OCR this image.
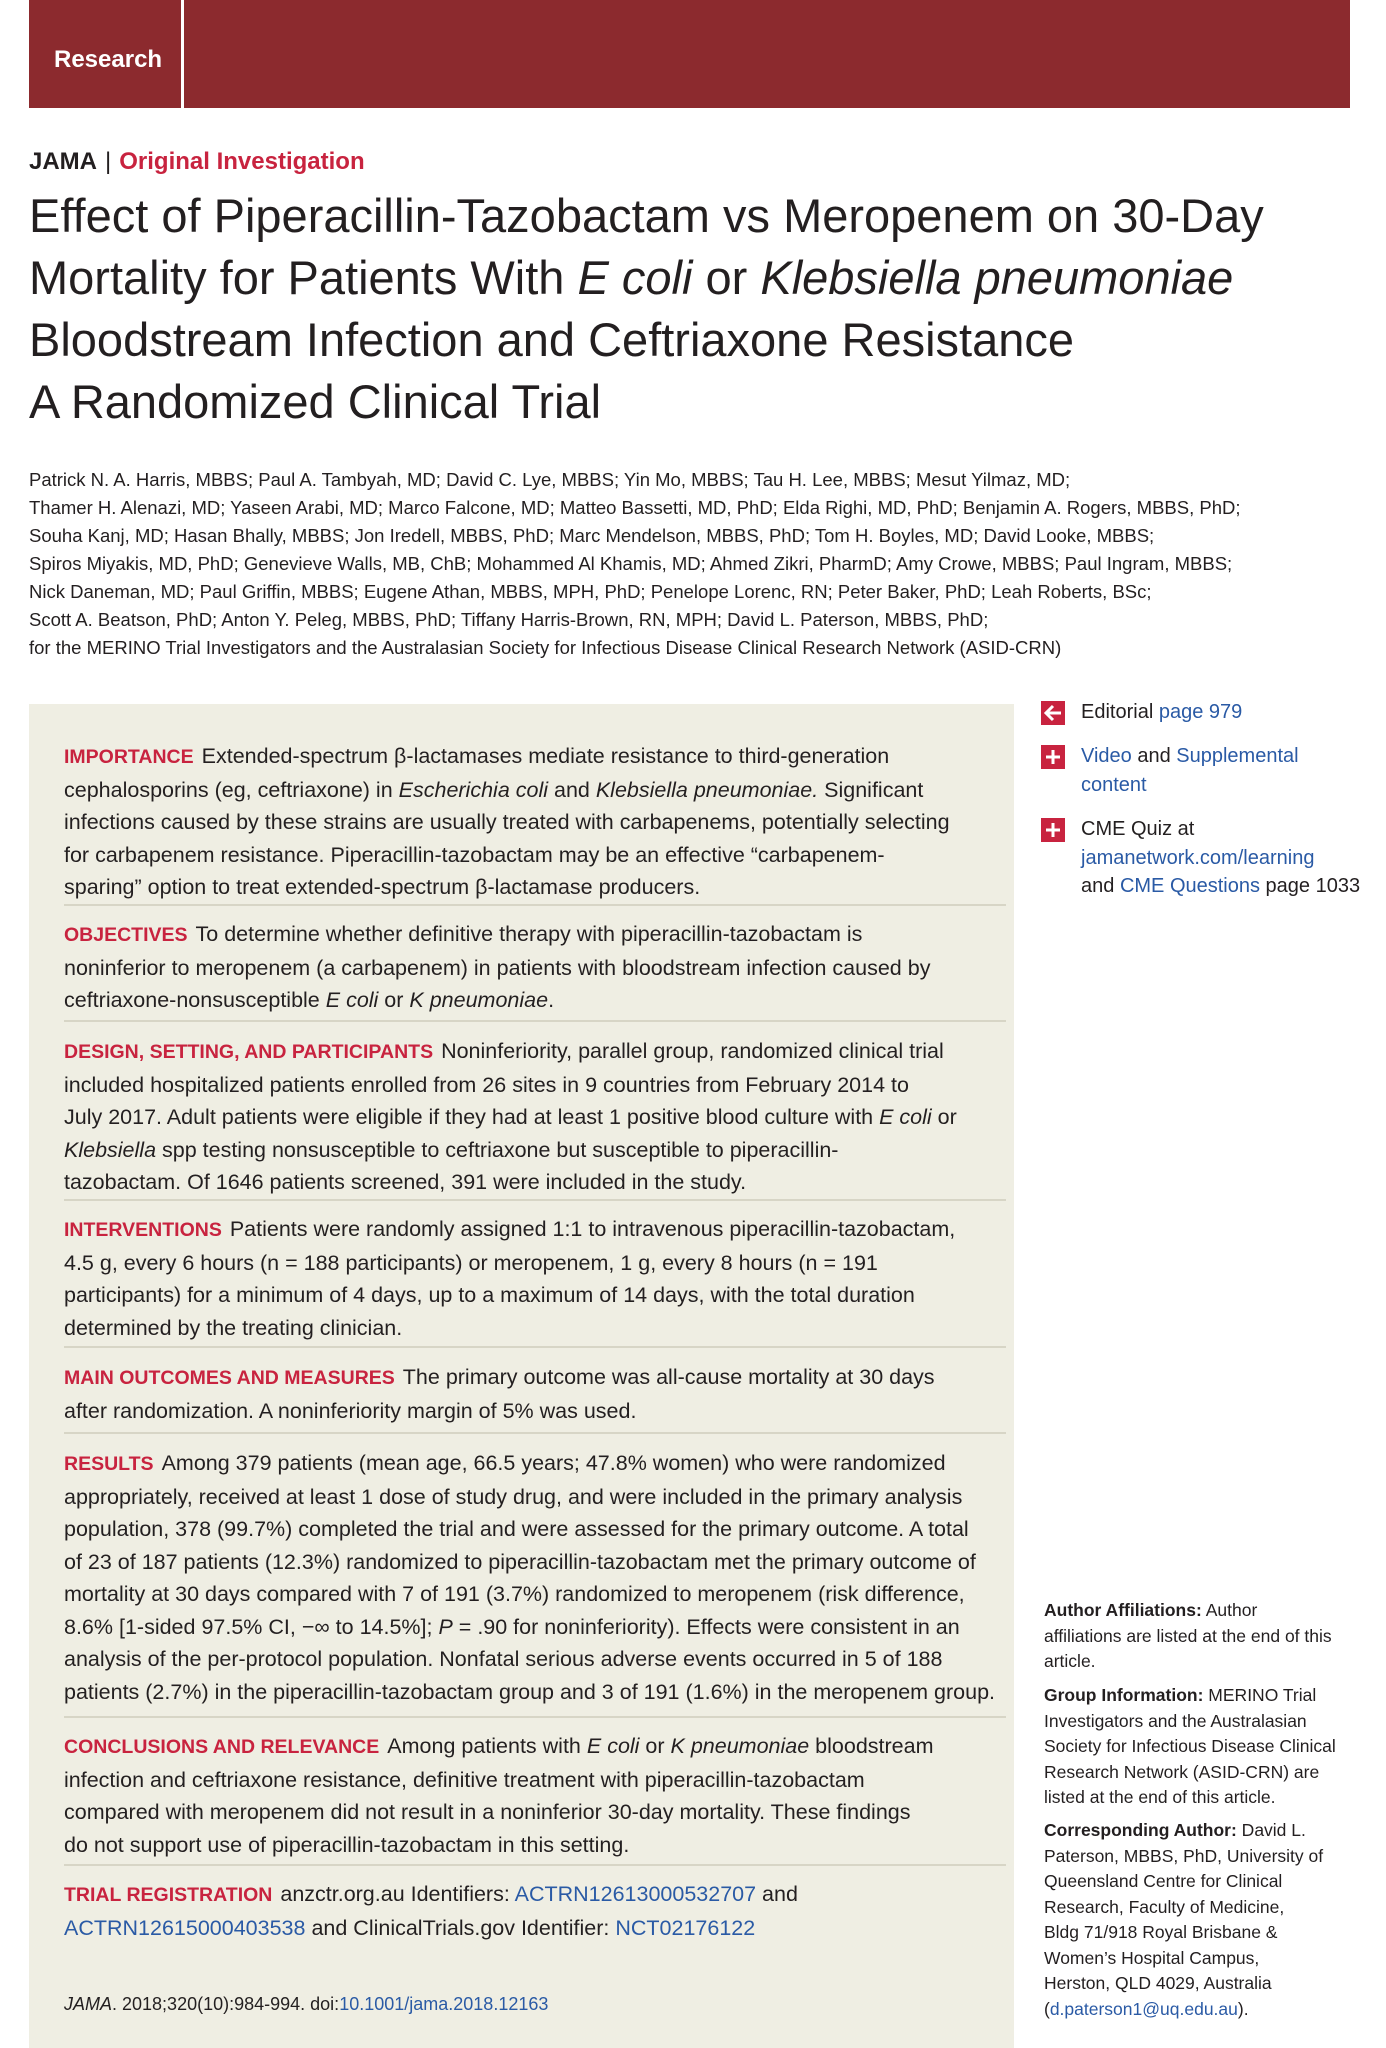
Research
JAMA | Original Investigation
Effect of Piperacillin-Tazobactam vs Meropenem on 30-Day
Mortality for Patients With E coli or Klebsiella pneumoniae
Bloodstream Infection and Ceftriaxone Resistance
A Randomized Clinical Trial
Patrick N. A. Harris, MBBS; Paul A. Tambyah, MD; David C. Lye, MBBS; Yin Mo, MBBS; Tau H. Lee, MBBS; Mesut Yilmaz, MD;
Thamer H. Alenazi, MD; Yaseen Arabi, MD; Marco Falcone, MD; Matteo Bassetti, MD, PhD; Elda Righi, MD, PhD; Benjamin A. Rogers, MBBS, PhD;
Souha Kanj, MD; Hasan Bhally, MBBS; Jon Iredell, MBBS, PhD; Marc Mendelson, MBBS, PhD; Tom H. Boyles, MD; David Looke, MBBS;
Spiros Miyakis, MD, PhD; Genevieve Walls, MB, ChB; Mohammed Al Khamis, MD; Ahmed Zikri, PharmD; Amy Crowe, MBBS; Paul Ingram, MBBS;
Nick Daneman, MD; Paul Griffin, MBBS; Eugene Athan, MBBS, MPH, PhD; Penelope Lorenc, RN; Peter Baker, PhD; Leah Roberts, BSc;
Scott A. Beatson, PhD; Anton Y. Peleg, MBBS, PhD; Tiffany Harris-Brown, RN, MPH; David L. Paterson, MBBS, PhD;
for the MERINO Trial Investigators and the Australasian Society for Infectious Disease Clinical Research Network (ASID-CRN)
IMPORTANCE Extended-spectrum β-lactamases mediate resistance to third-generation
cephalosporins (eg, ceftriaxone) in Escherichia coli and Klebsiella pneumoniae. Significant
infections caused by these strains are usually treated with carbapenems, potentially selecting
for carbapenem resistance. Piperacillin-tazobactam may be an effective “carbapenem-
sparing” option to treat extended-spectrum β-lactamase producers.
OBJECTIVES To determine whether definitive therapy with piperacillin-tazobactam is
noninferior to meropenem (a carbapenem) in patients with bloodstream infection caused by
ceftriaxone-nonsusceptible E coli or K pneumoniae.
DESIGN, SETTING, AND PARTICIPANTS Noninferiority, parallel group, randomized clinical trial
included hospitalized patients enrolled from 26 sites in 9 countries from February 2014 to
July 2017. Adult patients were eligible if they had at least 1 positive blood culture with E coli or
Klebsiella spp testing nonsusceptible to ceftriaxone but susceptible to piperacillin-
tazobactam. Of 1646 patients screened, 391 were included in the study.
INTERVENTIONS Patients were randomly assigned 1:1 to intravenous piperacillin-tazobactam,
4.5 g, every 6 hours (n = 188 participants) or meropenem, 1 g, every 8 hours (n = 191
participants) for a minimum of 4 days, up to a maximum of 14 days, with the total duration
determined by the treating clinician.
MAIN OUTCOMES AND MEASURES The primary outcome was all-cause mortality at 30 days
after randomization. A noninferiority margin of 5% was used.
RESULTS Among 379 patients (mean age, 66.5 years; 47.8% women) who were randomized
appropriately, received at least 1 dose of study drug, and were included in the primary analysis
population, 378 (99.7%) completed the trial and were assessed for the primary outcome. A total
of 23 of 187 patients (12.3%) randomized to piperacillin-tazobactam met the primary outcome of
mortality at 30 days compared with 7 of 191 (3.7%) randomized to meropenem (risk difference,
8.6% [1-sided 97.5% CI, −∞ to 14.5%]; P = .90 for noninferiority). Effects were consistent in an
analysis of the per-protocol population. Nonfatal serious adverse events occurred in 5 of 188
patients (2.7%) in the piperacillin-tazobactam group and 3 of 191 (1.6%) in the meropenem group.
CONCLUSIONS AND RELEVANCE Among patients with E coli or K pneumoniae bloodstream
infection and ceftriaxone resistance, definitive treatment with piperacillin-tazobactam
compared with meropenem did not result in a noninferior 30-day mortality. These findings
do not support use of piperacillin-tazobactam in this setting.
TRIAL REGISTRATION anzctr.org.au Identifiers: ACTRN12613000532707 and
ACTRN12615000403538 and ClinicalTrials.gov Identifier: NCT02176122
JAMA. 2018;320(10):984-994. doi:10.1001/jama.2018.12163
Editorial page 979
Video and Supplemental
content
CME Quiz at
jamanetwork.com/learning
and CME Questions page 1033
Author Affiliations: Author
affiliations are listed at the end of this
article.
Group Information: MERINO Trial
Investigators and the Australasian
Society for Infectious Disease Clinical
Research Network (ASID-CRN) are
listed at the end of this article.
Corresponding Author: David L.
Paterson, MBBS, PhD, University of
Queensland Centre for Clinical
Research, Faculty of Medicine,
Bldg 71/918 Royal Brisbane &
Women’s Hospital Campus,
Herston, QLD 4029, Australia
(d.paterson1@uq.edu.au).
